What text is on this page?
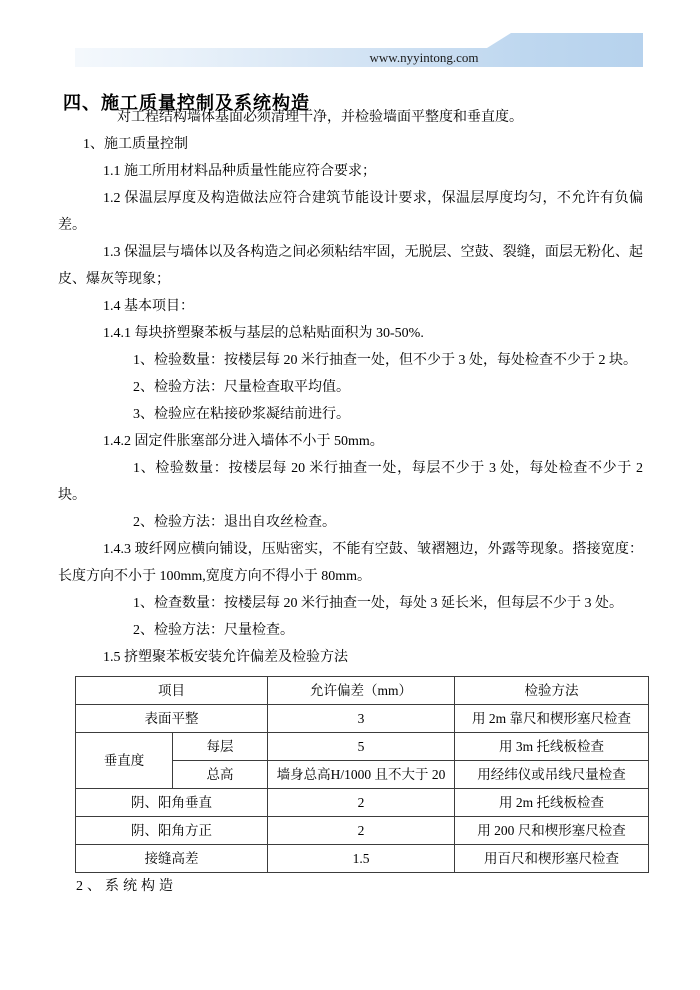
www.nyyintong.com
四、施工质量控制及系统构造

对工程结构墙体基面必须清理干净，并检验墙面平整度和垂直度。

1、施工质量控制

1.1 施工所用材料品种质量性能应符合要求；

1.2 保温层厚度及构造做法应符合建筑节能设计要求，保温层厚度均匀，不允许有负偏差。

1.3 保温层与墙体以及各构造之间必须粘结牢固，无脱层、空鼓、裂缝，面层无粉化、起皮、爆灰等现象；

1.4 基本项目：

1.4.1 每块挤塑聚苯板与基层的总粘贴面积为 30-50%.

1、检验数量：按楼层每 20 米行抽查一处，但不少于 3 处，每处检查不少于 2 块。

2、检验方法：尺量检查取平均值。

3、检验应在粘接砂浆凝结前进行。

1.4.2 固定件胀塞部分进入墙体不小于 50mm。

1、检验数量：按楼层每 20 米行抽查一处，每层不少于 3 处，每处检查不少于 2 块。

2、检验方法：退出自攻丝检查。

1.4.3 玻纤网应横向铺设，压贴密实，不能有空鼓、皱褶翘边，外露等现象。搭接宽度：长度方向不小于 100mm,宽度方向不得小于 80mm。

1、检查数量：按楼层每 20 米行抽查一处，每处 3 延长米，但每层不少于 3 处。

2、检验方法：尺量检查。

1.5 挤塑聚苯板安装允许偏差及检验方法

项目		允许偏差（mm）	检验方法
表面平整		3	用 2m 靠尺和楔形塞尺检查
垂直度	每层	5	用 3m 托线板检查
	总高	墙身总高H/1000 且不大于 20	用经纬仪或吊线尺量检查
阴、阳角垂直		2	用 2m 托线板检查
阴、阳角方正		2	用 200 尺和楔形塞尺检查
接缝高差		1.5	用百尺和楔形塞尺检查

2、系统构造
